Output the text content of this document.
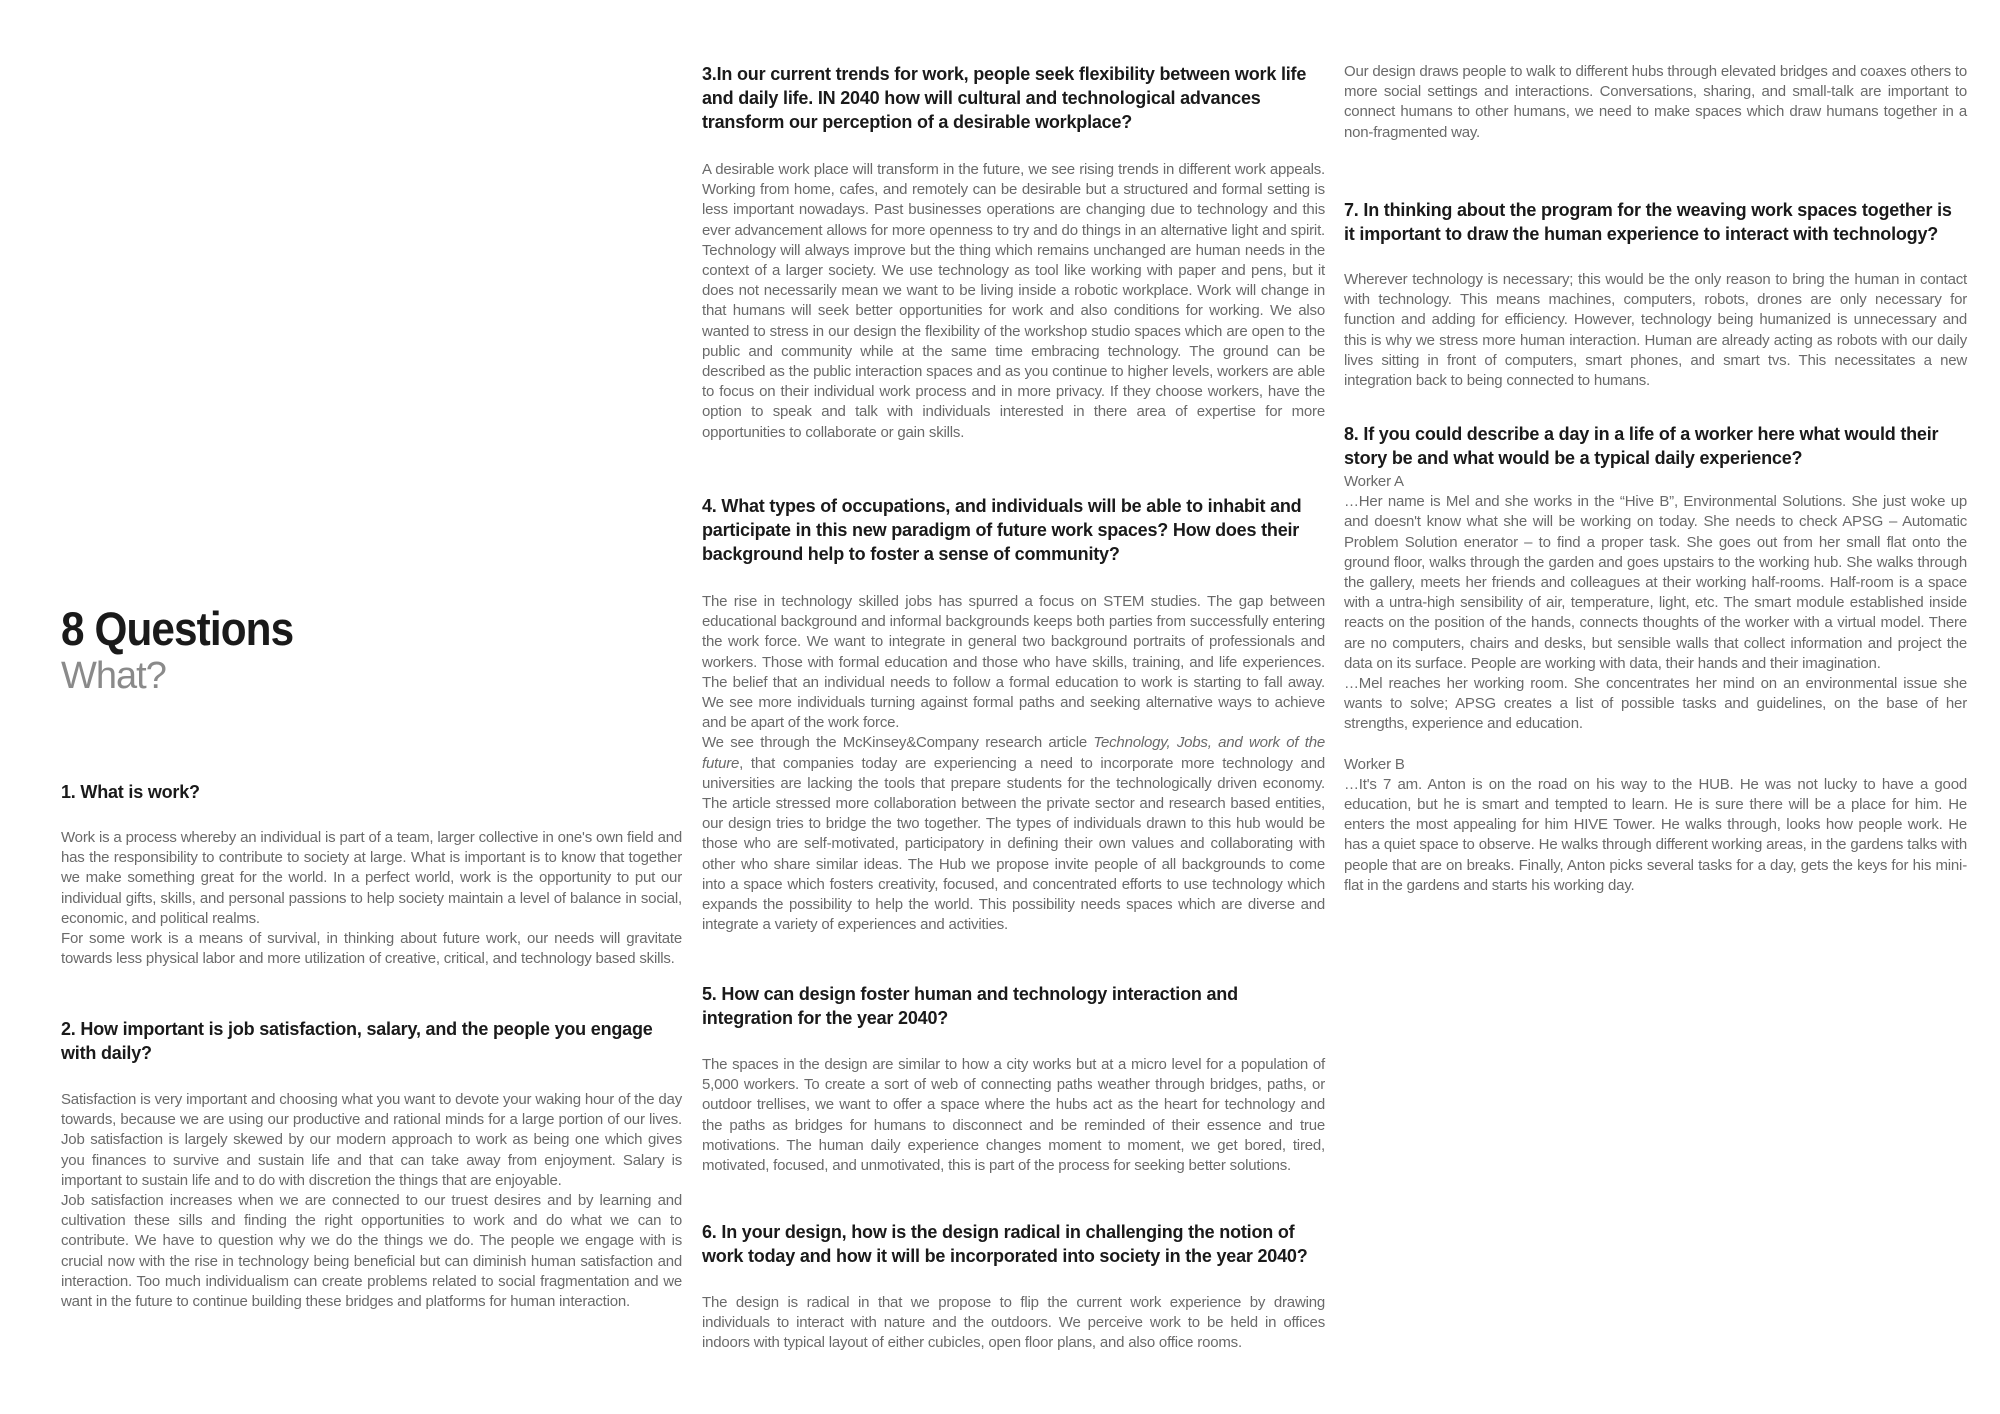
8 Questions
What?
1. What is work?

Work is a process whereby an individual is part of a team, larger collective in one's own field and has the responsibility to contribute to society at large. What is important is to know that together we make something great for the world. In a perfect world, work is the opportunity to put our individual gifts, skills, and personal passions to help society maintain a level of balance in social, economic, and political realms.

For some work is a means of survival, in thinking about future work, our needs will gravitate towards less physical labor and more utilization of creative, critical, and technology based skills.

2. How important is job satisfaction, salary, and the people you engage with daily?

Satisfaction is very important and choosing what you want to devote your waking hour of the day towards, because we are using our productive and rational minds for a large portion of our lives. Job satisfaction is largely skewed by our modern approach to work as being one which gives you finances to survive and sustain life and that can take away from enjoyment. Salary is important to sustain life and to do with discretion the things that are enjoyable.

Job satisfaction increases when we are connected to our truest desires and by learning and cultivation these sills and finding the right opportunities to work and do what we can to contribute. We have to question why we do the things we do. The people we engage with is crucial now with the rise in technology being beneficial but can diminish human satisfaction and interaction. Too much individualism can create problems related to social fragmentation and we want in the future to continue building these bridges and platforms for human interaction.

3.In our current trends for work, people seek flexibility between work life and daily life. IN 2040 how will cultural and technological advances transform our perception of a desirable workplace?

A desirable work place will transform in the future, we see rising trends in different work appeals. Working from home, cafes, and remotely can be desirable but a structured and formal setting is less important nowadays. Past businesses operations are changing due to technology and this ever advancement allows for more openness to try and do things in an alternative light and spirit. Technology will always improve but the thing which remains unchanged are human needs in the context of a larger society. We use technology as tool like working with paper and pens, but it does not necessarily mean we want to be living inside a robotic workplace. Work will change in that humans will seek better opportunities for work and also conditions for working. We also wanted to stress in our design the flexibility of the workshop studio spaces which are open to the public and community while at the same time embracing technology. The ground can be described as the public interaction spaces and as you continue to higher levels, workers are able to focus on their individual work process and in more privacy. If they choose workers, have the option to speak and talk with individuals interested in there area of expertise for more opportunities to collaborate or gain skills.

4. What types of occupations, and individuals will be able to inhabit and participate in this new paradigm of future work spaces? How does their background help to foster a sense of community?

The rise in technology skilled jobs has spurred a focus on STEM studies. The gap between educational background and informal backgrounds keeps both parties from successfully entering the work force. We want to integrate in general two background portraits of professionals and workers. Those with formal education and those who have skills, training, and life experiences. The belief that an individual needs to follow a formal education to work is starting to fall away. We see more individuals turning against formal paths and seeking alternative ways to achieve and be apart of the work force.

We see through the McKinsey&Company research article Technology, Jobs, and work of the future, that companies today are experiencing a need to incorporate more technology and universities are lacking the tools that prepare students for the technologically driven economy. The article stressed more collaboration between the private sector and research based entities, our design tries to bridge the two together. The types of individuals drawn to this hub would be those who are self-motivated, participatory in defining their own values and collaborating with other who share similar ideas. The Hub we propose invite people of all backgrounds to come into a space which fosters creativity, focused, and concentrated efforts to use technology which expands the possibility to help the world. This possibility needs spaces which are diverse and integrate a variety of experiences and activities.

5. How can design foster human and technology interaction and integration for the year 2040?

The spaces in the design are similar to how a city works but at a micro level for a population of 5,000 workers. To create a sort of web of connecting paths weather through bridges, paths, or outdoor trellises, we want to offer a space where the hubs act as the heart for technology and the paths as bridges for humans to disconnect and be reminded of their essence and true motivations. The human daily experience changes moment to moment, we get bored, tired, motivated, focused, and unmotivated, this is part of the process for seeking better solutions.

6. In your design, how is the design radical in challenging the notion of work today and how it will be incorporated into society in the year 2040?

The design is radical in that we propose to flip the current work experience by drawing individuals to interact with nature and the outdoors. We perceive work to be held in offices indoors with typical layout of either cubicles, open floor plans, and also office rooms.

Our design draws people to walk to different hubs through elevated bridges and coaxes others to more social settings and interactions. Conversations, sharing, and small-talk are important to connect humans to other humans, we need to make spaces which draw humans together in a non-fragmented way.

7. In thinking about the program for the weaving work spaces together is it important to draw the human experience to interact with technology?

Wherever technology is necessary; this would be the only reason to bring the human in contact with technology. This means machines, computers, robots, drones are only necessary for function and adding for efficiency. However, technology being humanized is unnecessary and this is why we stress more human interaction. Human are already acting as robots with our daily lives sitting in front of computers, smart phones, and smart tvs. This necessitates a new integration back to being connected to humans.

8. If you could describe a day in a life of a worker here what would their story be and what would be a typical daily experience?

Worker A

…Her name is Mel and she works in the “Hive B”, Environmental Solutions. She just woke up and doesn't know what she will be working on today. She needs to check APSG – Automatic Problem Solution enerator – to find a proper task. She goes out from her small flat onto the ground floor, walks through the garden and goes upstairs to the working hub. She walks through the gallery, meets her friends and colleagues at their working half-rooms. Half-room is a space with a untra-high sensibility of air, temperature, light, etc. The smart module established inside reacts on the position of the hands, connects thoughts of the worker with a virtual model. There are no computers, chairs and desks, but sensible walls that collect information and project the data on its surface. People are working with data, their hands and their imagination.

…Mel reaches her working room. She concentrates her mind on an environmental issue she wants to solve; APSG creates a list of possible tasks and guidelines, on the base of her strengths, experience and education.

Worker B

…It's 7 am. Anton is on the road on his way to the HUB. He was not lucky to have a good education, but he is smart and tempted to learn. He is sure there will be a place for him. He enters the most appealing for him HIVE Tower. He walks through, looks how people work. He has a quiet space to observe. He walks through different working areas, in the gardens talks with people that are on breaks. Finally, Anton picks several tasks for a day, gets the keys for his mini-flat in the gardens and starts his working day.
